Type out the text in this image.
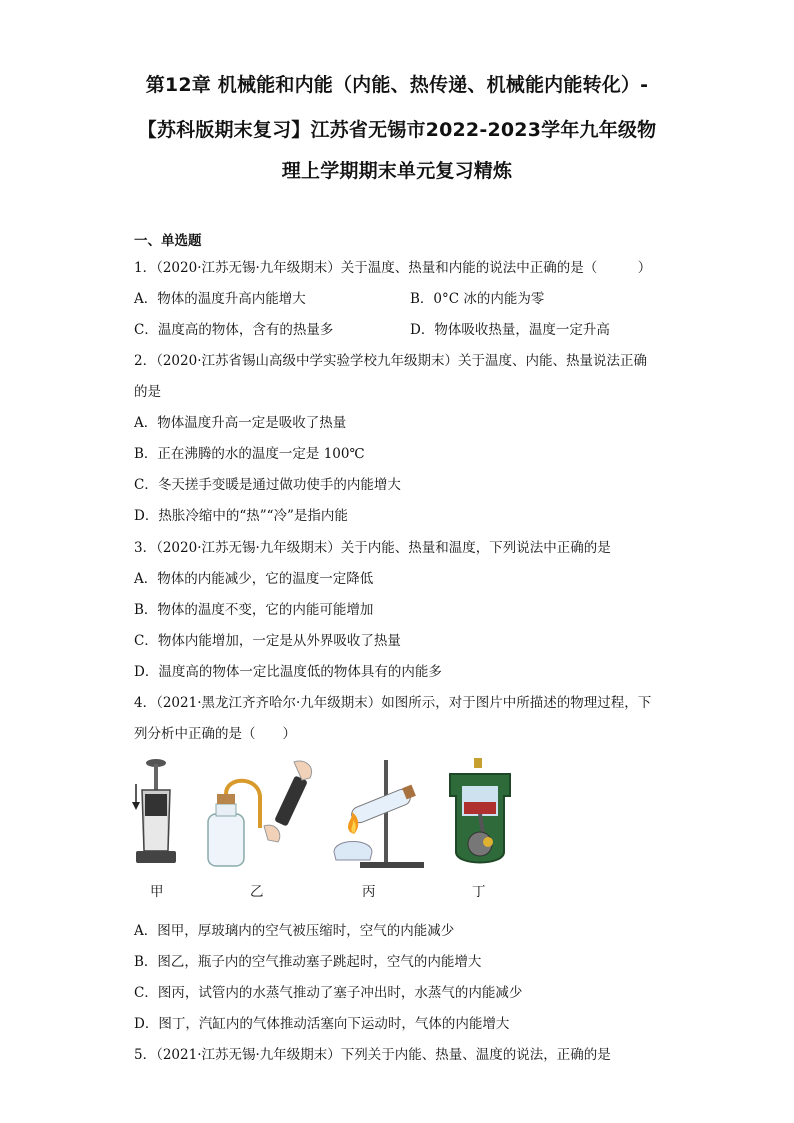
第12章 机械能和内能（内能、热传递、机械能内能转化）-
【苏科版期末复习】江苏省无锡市2022-2023学年九年级物
理上学期期末单元复习精炼
一、单选题
1．（2020·江苏无锡·九年级期末）关于温度、热量和内能的说法中正确的是（　　　）
A．物体的温度升高内能增大	B．0°C 冰的内能为零
C．温度高的物体，含有的热量多	D．物体吸收热量，温度一定升高
2．（2020·江苏省锡山高级中学实验学校九年级期末）关于温度、内能、热量说法正确
的是
A．物体温度升高一定是吸收了热量
B．正在沸腾的水的温度一定是 100℃
C．冬天搓手变暖是通过做功使手的内能增大
D．热胀冷缩中的“热”“冷”是指内能
3．（2020·江苏无锡·九年级期末）关于内能、热量和温度，下列说法中正确的是
A．物体的内能减少，它的温度一定降低
B．物体的温度不变，它的内能可能增加
C．物体内能增加，一定是从外界吸收了热量
D．温度高的物体一定比温度低的物体具有的内能多
4．（2021·黑龙江齐齐哈尔·九年级期末）如图所示，对于图片中所描述的物理过程，下
列分析中正确的是（　　）
甲	乙	丙	丁
A．图甲，厚玻璃内的空气被压缩时，空气的内能减少
B．图乙，瓶子内的空气推动塞子跳起时，空气的内能增大
C．图丙，试管内的水蒸气推动了塞子冲出时，水蒸气的内能减少
D．图丁，汽缸内的气体推动活塞向下运动时，气体的内能增大
5．（2021·江苏无锡·九年级期末）下列关于内能、热量、温度的说法，正确的是
